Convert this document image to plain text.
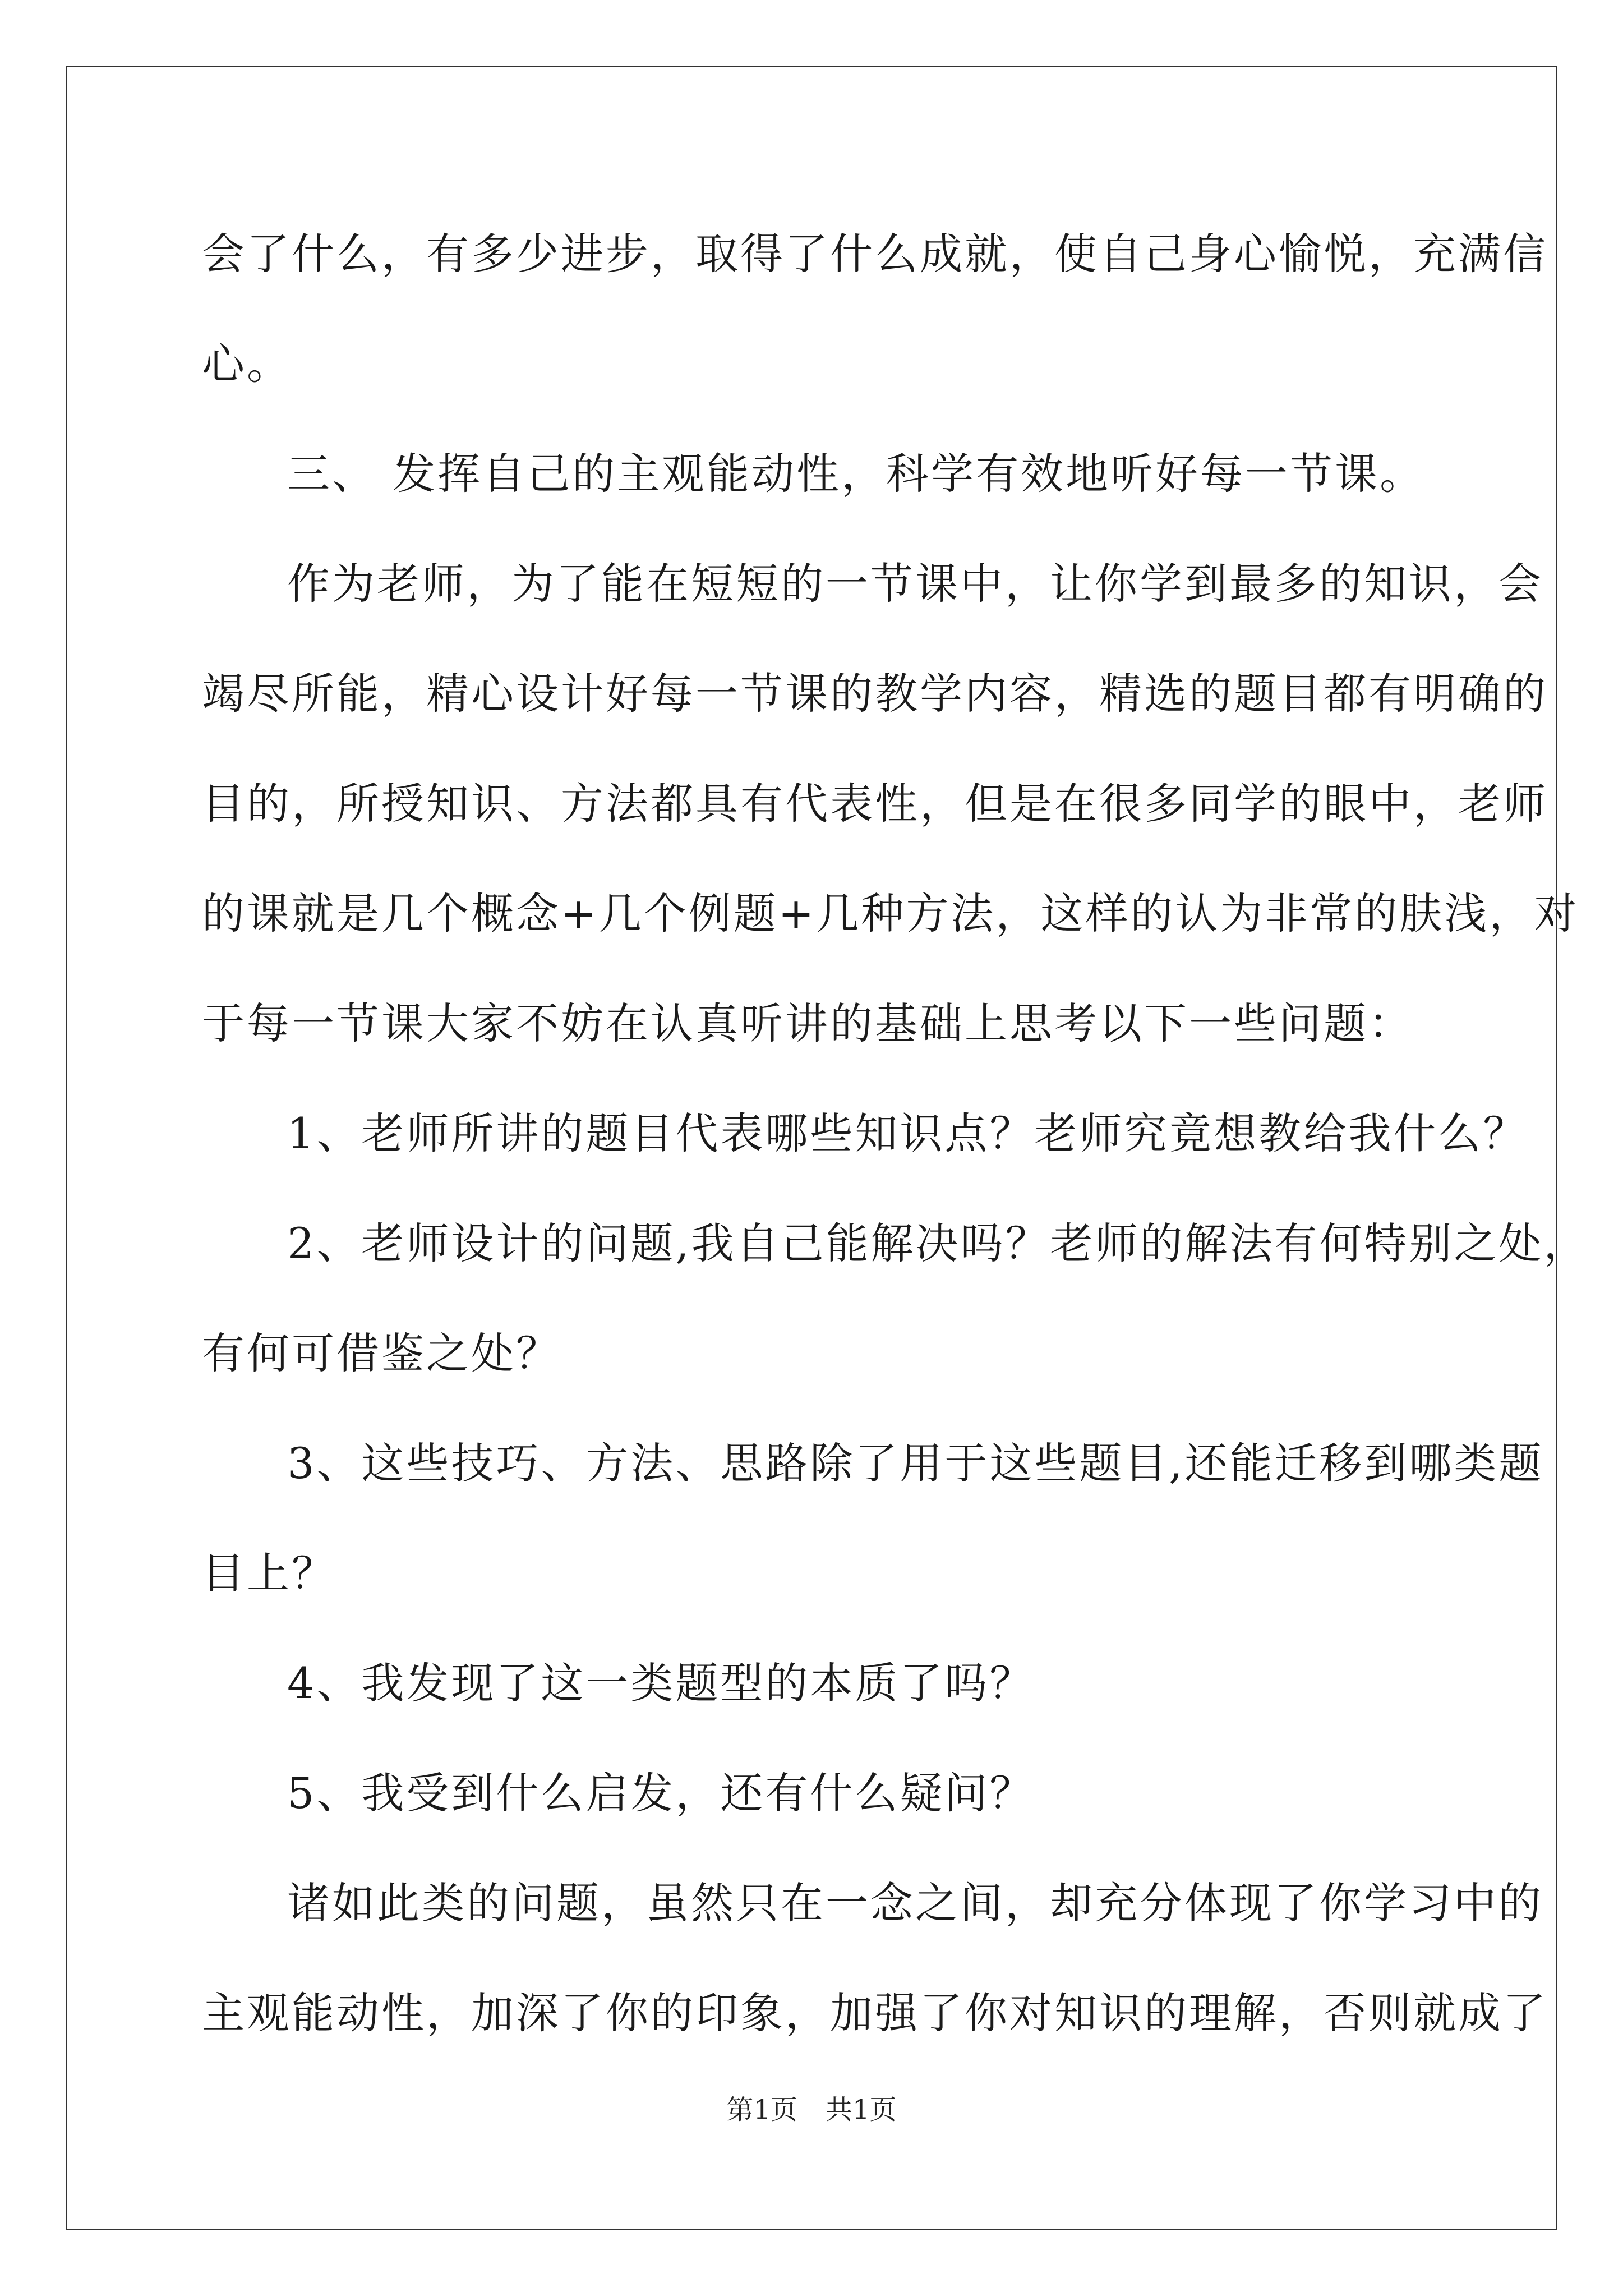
会了什么，有多少进步，取得了什么成就，使自己身心愉悦，充满信
心。
三、 发挥自己的主观能动性，科学有效地听好每一节课。
作为老师，为了能在短短的一节课中，让你学到最多的知识，会
竭尽所能，精心设计好每一节课的教学内容，精选的题目都有明确的
目的，所授知识、方法都具有代表性，但是在很多同学的眼中，老师
的课就是几个概念+几个例题+几种方法，这样的认为非常的肤浅，对
于每一节课大家不妨在认真听讲的基础上思考以下一些问题：
1、老师所讲的题目代表哪些知识点？老师究竟想教给我什么？
2、老师设计的问题,我自己能解决吗？老师的解法有何特别之处，
有何可借鉴之处？
3、这些技巧、方法、思路除了用于这些题目,还能迁移到哪类题
目上？
4、我发现了这一类题型的本质了吗？
5、我受到什么启发，还有什么疑问？
诸如此类的问题，虽然只在一念之间，却充分体现了你学习中的
主观能动性，加深了你的印象，加强了你对知识的理解，否则就成了
第1页 共1页
